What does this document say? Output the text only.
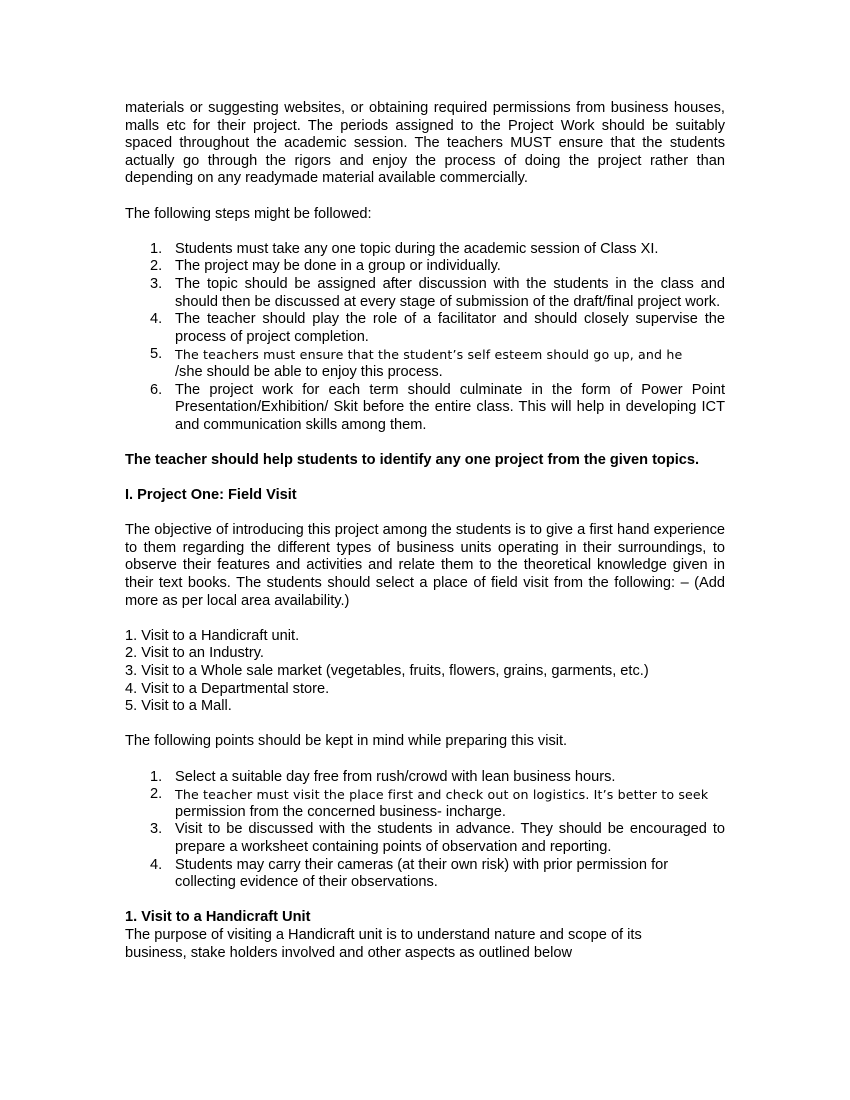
materials or suggesting websites, or obtaining required permissions from business houses, malls etc for their project. The periods assigned to the Project Work should be suitably spaced throughout the academic session. The teachers MUST ensure that the students actually go through the rigors and enjoy the process of doing the project rather than depending on any readymade material available commercially.

The following steps might be followed:

1. Students must take any one topic during the academic session of Class XI.
2. The project may be done in a group or individually.
3. The topic should be assigned after discussion with the students in the class and should then be discussed at every stage of submission of the draft/final project work.
4. The teacher should play the role of a facilitator and should closely supervise the process of project completion.
5. The teachers must ensure that the student’s self esteem should go up, and he
/she should be able to enjoy this process.
6. The project work for each term should culminate in the form of Power Point Presentation/Exhibition/ Skit before the entire class. This will help in developing ICT and communication skills among them.

The teacher should help students to identify any one project from the given topics.

I. Project One: Field Visit

The objective of introducing this project among the students is to give a first hand experience to them regarding the different types of business units operating in their surroundings, to observe their features and activities and relate them to the theoretical knowledge given in their text books. The students should select a place of field visit from the following: – (Add more as per local area availability.)

1. Visit to a Handicraft unit.
2. Visit to an Industry.
3. Visit to a Whole sale market (vegetables, fruits, flowers, grains, garments, etc.)
4. Visit to a Departmental store.
5. Visit to a Mall.

The following points should be kept in mind while preparing this visit.

1. Select a suitable day free from rush/crowd with lean business hours.
2. The teacher must visit the place first and check out on logistics. It’s better to seek
permission from the concerned business- incharge.
3. Visit to be discussed with the students in advance. They should be encouraged to prepare a worksheet containing points of observation and reporting.
4. Students may carry their cameras (at their own risk) with prior permission for
collecting evidence of their observations.

1. Visit to a Handicraft Unit

The purpose of visiting a Handicraft unit is to understand nature and scope of its
business, stake holders involved and other aspects as outlined below
